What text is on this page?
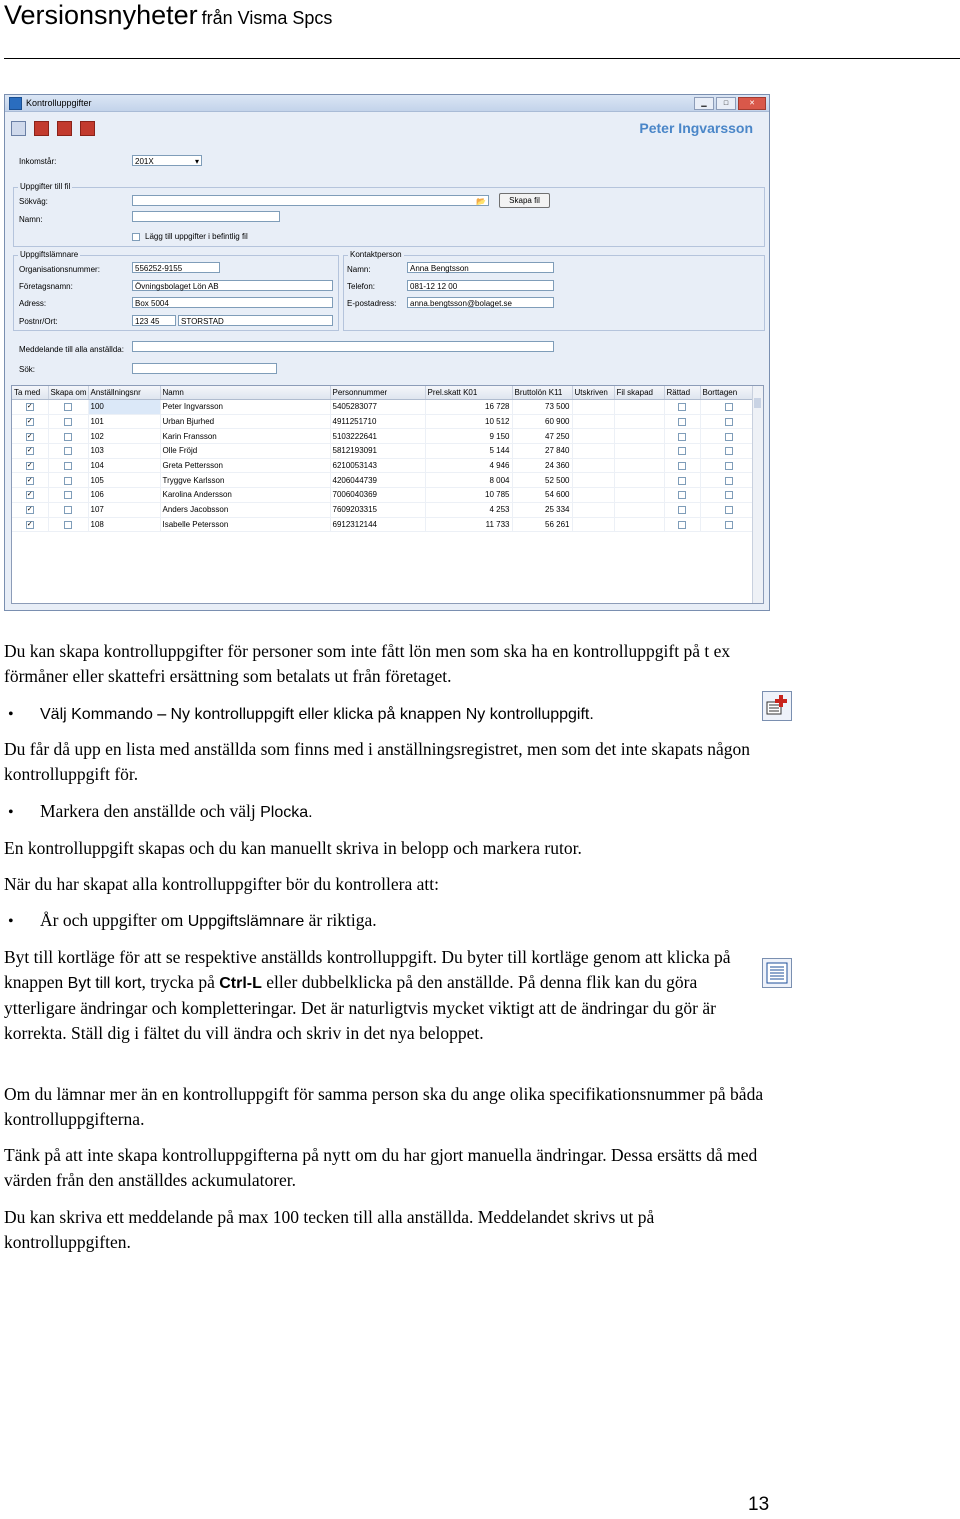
Versionsnyheter från Visma Spcs
Kontrolluppgifter	▁	□	✕
Peter Ingvarsson
Inkomstår:	201X	▾
Uppgifter till fil
Sökväg:	📂	Skapa fil
Namn:
Lägg till uppgifter i befintlig fil
Uppgiftslämnare
Organisationsnummer:	556252-9155
Företagsnamn:	Övningsbolaget Lön AB
Adress:	Box 5004
Postnr/Ort:	123 45	STORSTAD
Kontaktperson
Namn:	Anna Bengtsson
Telefon:	081-12 12 00
E-postadress:	anna.bengtsson@bolaget.se
Meddelande till alla anställda:
Sök:
Ta med	Skapa om	Anställningsnr	Namn	Personnummer	Prel.skatt K01	Bruttolön K11	Utskriven	Fil skapad	Rättad	Borttagen
✓		100	Peter Ingvarsson	5405283077	16 728	73 500				
✓		101	Urban Bjurhed	4911251710	10 512	60 900				
✓		102	Karin Fransson	5103222641	9 150	47 250				
✓		103	Olle Fröjd	5812193091	5 144	27 840				
✓		104	Greta Pettersson	6210053143	4 946	24 360				
✓		105	Tryggve Karlsson	4206044739	8 004	52 500				
✓		106	Karolina Andersson	7006040369	10 785	54 600				
✓		107	Anders Jacobsson	7609203315	4 253	25 334				
✓		108	Isabelle Petersson	6912312144	11 733	56 261				
Du kan skapa kontrolluppgifter för personer som inte fått lön men som ska ha en kontrolluppgift på t ex förmåner eller skattefri ersättning som betalats ut från företaget.
• Välj Kommando – Ny kontrolluppgift eller klicka på knappen Ny kontrolluppgift.
Du får då upp en lista med anställda som finns med i anställningsregistret, men som det inte skapats någon kontrolluppgift för.
• Markera den anställde och välj Plocka.
En kontrolluppgift skapas och du kan manuellt skriva in belopp och markera rutor.
När du har skapat alla kontrolluppgifter bör du kontrollera att:
• År och uppgifter om Uppgiftslämnare är riktiga.
Byt till kortläge för att se respektive anställds kontrolluppgift. Du byter till kortläge genom att klicka på knappen Byt till kort, trycka på Ctrl-L eller dubbelklicka på den anställde. På denna flik kan du göra ytterligare ändringar och kompletteringar. Det är naturligtvis mycket viktigt att de ändringar du gör är korrekta. Ställ dig i fältet du vill ändra och skriv in det nya beloppet.
Om du lämnar mer än en kontrolluppgift för samma person ska du ange olika specifikationsnummer på båda kontrolluppgifterna.
Tänk på att inte skapa kontrolluppgifterna på nytt om du har gjort manuella ändringar. Dessa ersätts då med värden från den anställdes ackumulatorer.
Du kan skriva ett meddelande på max 100 tecken till alla anställda. Meddelandet skrivs ut på kontrolluppgiften.
13
